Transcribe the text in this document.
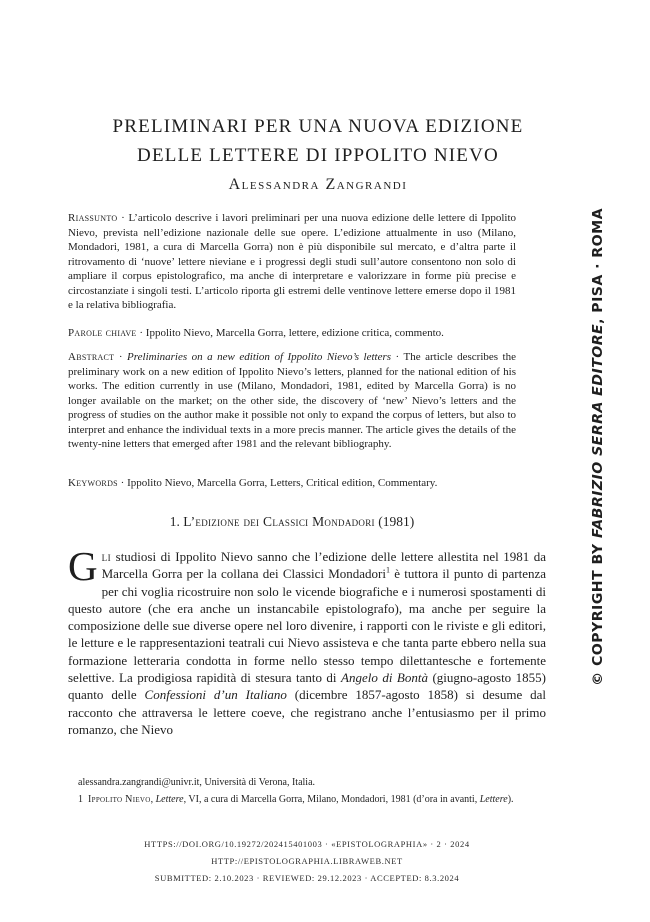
PRELIMINARI PER UNA NUOVA EDIZIONE
DELLE LETTERE DI IPPOLITO NIEVO
Alessandra Zangrandi
Riassunto · L’articolo descrive i lavori preliminari per una nuova edizione delle lettere di Ippolito Nievo, prevista nell’edizione nazionale delle sue opere. L’edizione attualmente in uso (Milano, Mondadori, 1981, a cura di Marcella Gorra) non è più disponibile sul mercato, e d’altra parte il ritrovamento di ‘nuove’ lettere nieviane e i progressi degli studi sull’autore consentono non solo di ampliare il corpus epistolografico, ma anche di interpretare e valorizzare in forme più precise e circostanziate i singoli testi. L’articolo riporta gli estremi delle ventinove lettere emerse dopo il 1981 e la relativa bibliografia.
Parole chiave · Ippolito Nievo, Marcella Gorra, lettere, edizione critica, commento.
Abstract · Preliminaries on a new edition of Ippolito Nievo’s letters · The article describes the preliminary work on a new edition of Ippolito Nievo’s letters, planned for the national edition of his works. The edition currently in use (Milano, Mondadori, 1981, edited by Marcella Gorra) is no longer available on the market; on the other side, the discovery of ‘new’ Nievo’s letters and the progress of studies on the author make it possible not only to expand the corpus of letters, but also to interpret and enhance the individual texts in a more precis manner. The article gives the details of the twenty-nine letters that emerged after 1981 and the relevant bibliography.
Keywords · Ippolito Nievo, Marcella Gorra, Letters, Critical edition, Commentary.
1. L’edizione dei Classici Mondadori (1981)
Gli studiosi di Ippolito Nievo sanno che l’edizione delle lettere allestita nel 1981 da Marcella Gorra per la collana dei Classici Mondadori$^1$ è tuttora il punto di partenza per chi voglia ricostruire non solo le vicende biografiche e i numerosi spostamenti di questo autore (che era anche un instancabile epistolografo), ma anche per seguire la composizione delle sue diverse opere nel loro divenire, i rapporti con le riviste e gli editori, le letture e le rappresentazioni teatrali cui Nievo assisteva e che tanta parte ebbero nella sua formazione letteraria condotta in forme nello stesso tempo dilettantesche e fortemente selettive. La prodigiosa rapidità di stesura tanto di Angelo di Bontà (giugno-agosto 1855) quanto delle Confessioni d’un Italiano (dicembre 1857-agosto 1858) si desume dal racconto che attraversa le lettere coeve, che registrano anche l’entusiasmo per il primo romanzo, che Nievo
alessandra.zangrandi@univr.it, Università di Verona, Italia.
1 Ippolito Nievo, Lettere, VI, a cura di Marcella Gorra, Milano, Mondadori, 1981 (d’ora in avanti, Lettere).
HTTPS://DOI.ORG/10.19272/202415401003 · «EPISTOLOGRAPHIA» · 2 · 2024
HTTP://EPISTOLOGRAPHIA.LIBRAWEB.NET
SUBMITTED: 2.10.2023 · REVIEWED: 29.12.2023 · ACCEPTED: 8.3.2024
© COPYRIGHT BY FABRIZIO SERRA EDITORE, PISA · ROMA
